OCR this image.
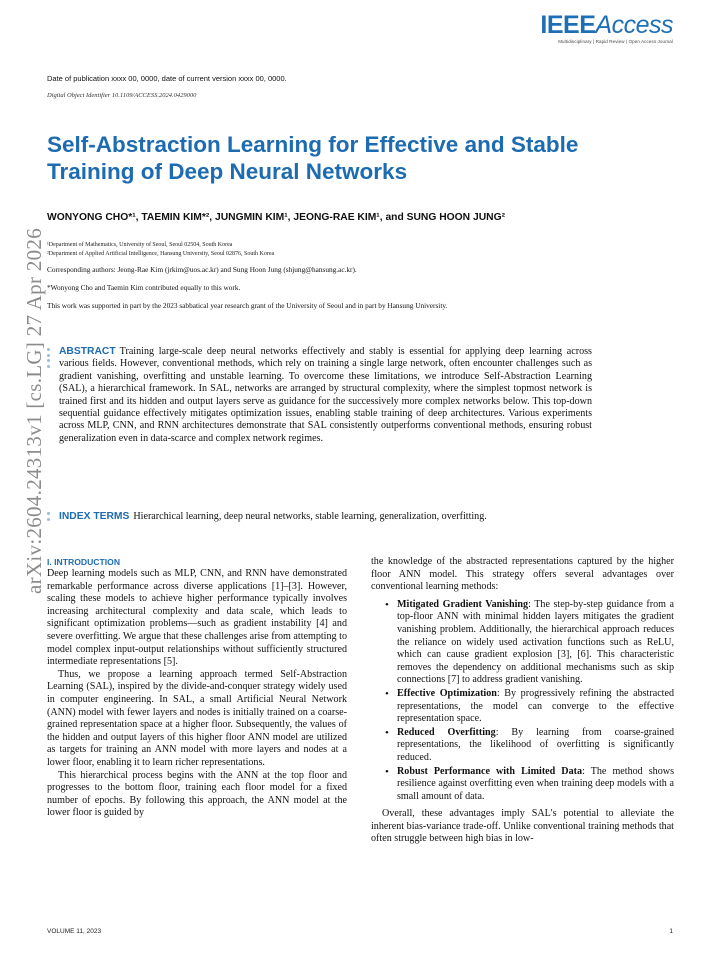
IEEEAccess
Multidisciplinary | Rapid Review | Open Access Journal
Date of publication xxxx 00, 0000, date of current version xxxx 00, 0000.
Digital Object Identifier 10.1109/ACCESS.2024.0429000
Self-Abstraction Learning for Effective and Stable Training of Deep Neural Networks
WONYONG CHO*¹, TAEMIN KIM*², JUNGMIN KIM¹, JEONG-RAE KIM¹, and SUNG HOON JUNG²
¹Department of Mathematics, University of Seoul, Seoul 02504, South Korea
²Department of Applied Artificial Intelligence, Hansung University, Seoul 02876, South Korea
Corresponding authors: Jeong-Rae Kim (jrkim@uos.ac.kr) and Sung Hoon Jung (shjung@hansung.ac.kr).
*Wonyong Cho and Taemin Kim contributed equally to this work.
This work was supported in part by the 2023 sabbatical year research grant of the University of Seoul and in part by Hansung University.
arXiv:2604.24313v1 [cs.LG] 27 Apr 2026 ABSTRACT Training large-scale deep neural networks effectively and stably is essential for applying deep learning across various fields. However, conventional methods, which rely on training a single large network, often encounter challenges such as gradient vanishing, overfitting and unstable learning. To overcome these limitations, we introduce Self-Abstraction Learning (SAL), a hierarchical framework. In SAL, networks are arranged by structural complexity, where the simplest topmost network is trained first and its hidden and output layers serve as guidance for the successively more complex networks below. This top-down sequential guidance effectively mitigates optimization issues, enabling stable training of deep architectures. Various experiments across MLP, CNN, and RNN architectures demonstrate that SAL consistently outperforms conventional methods, ensuring robust generalization even in data-scarce and complex network regimes.

INDEX TERMS Hierarchical learning, deep neural networks, stable learning, generalization, overfitting.
I. INTRODUCTION

Deep learning models such as MLP, CNN, and RNN have demonstrated remarkable performance across diverse applications [1]–[3]. However, scaling these models to achieve higher performance typically involves increasing architectural complexity and data scale, which leads to significant optimization problems—such as gradient instability [4] and severe overfitting. We argue that these challenges arise from attempting to model complex input-output relationships without sufficiently structured intermediate representations [5].

Thus, we propose a learning approach termed Self-Abstraction Learning (SAL), inspired by the divide-and-conquer strategy widely used in computer engineering. In SAL, a small Artificial Neural Network (ANN) model with fewer layers and nodes is initially trained on a coarse-grained representation space at a higher floor. Subsequently, the values of the hidden and output layers of this higher floor ANN model are utilized as targets for training an ANN model with more layers and nodes at a lower floor, enabling it to learn richer representations.

This hierarchical process begins with the ANN at the top floor and progresses to the bottom floor, training each floor model for a fixed number of epochs. By following this approach, the ANN model at the lower floor is guided by

the knowledge of the abstracted representations captured by the higher floor ANN model. This strategy offers several advantages over conventional learning methods:

• Mitigated Gradient Vanishing: The step-by-step guidance from a top-floor ANN with minimal hidden layers mitigates the gradient vanishing problem. Additionally, the hierarchical approach reduces the reliance on widely used activation functions such as ReLU, which can cause gradient explosion [3], [6]. This characteristic removes the dependency on additional mechanisms such as skip connections [7] to address gradient vanishing.
• Effective Optimization: By progressively refining the abstracted representations, the model can converge to the effective representation space.
• Reduced Overfitting: By learning from coarse-grained representations, the likelihood of overfitting is significantly reduced.
• Robust Performance with Limited Data: The method shows resilience against overfitting even when training deep models with a small amount of data.

Overall, these advantages imply SAL's potential to alleviate the inherent bias-variance trade-off. Unlike conventional training methods that often struggle between high bias in low-

VOLUME 11, 2023	1
